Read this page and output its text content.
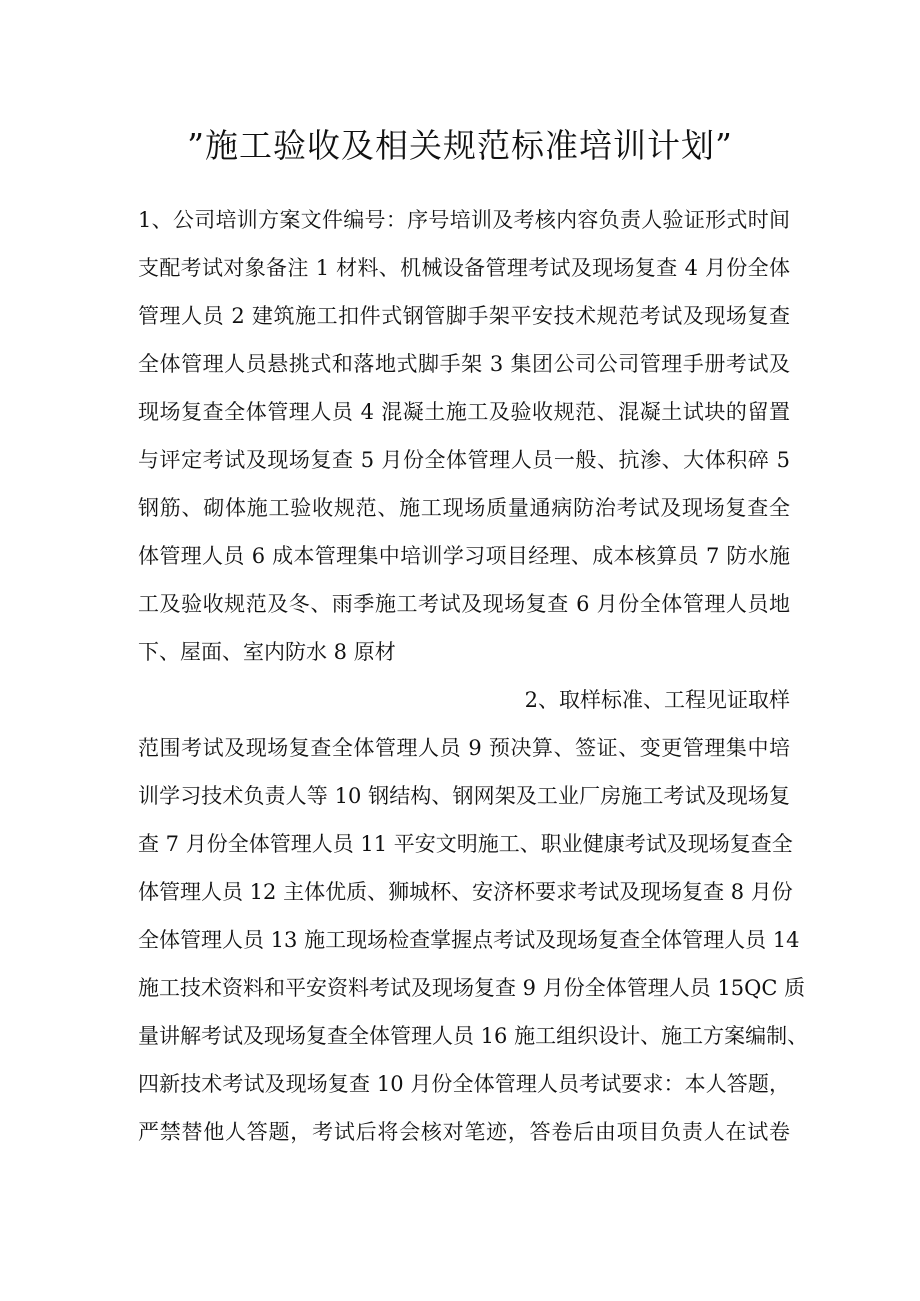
”施工验收及相关规范标准培训计划”
1、公司培训方案文件编号：序号培训及考核内容负责人验证形式时间
支配考试对象备注 1 材料、机械设备管理考试及现场复查 4 月份全体
管理人员 2 建筑施工扣件式钢管脚手架平安技术规范考试及现场复查
全体管理人员悬挑式和落地式脚手架 3 集团公司公司管理手册考试及
现场复查全体管理人员 4 混凝土施工及验收规范、混凝土试块的留置
与评定考试及现场复查 5 月份全体管理人员一般、抗渗、大体积碎 5
钢筋、砌体施工验收规范、施工现场质量通病防治考试及现场复查全
体管理人员 6 成本管理集中培训学习项目经理、成本核算员 7 防水施
工及验收规范及冬、雨季施工考试及现场复查 6 月份全体管理人员地
下、屋面、室内防水 8 原材
2、取样标准、工程见证取样
范围考试及现场复查全体管理人员 9 预决算、签证、变更管理集中培
训学习技术负责人等 10 钢结构、钢网架及工业厂房施工考试及现场复
查 7 月份全体管理人员 11 平安文明施工、职业健康考试及现场复查全
体管理人员 12 主体优质、狮城杯、安济杯要求考试及现场复查 8 月份
全体管理人员 13 施工现场检查掌握点考试及现场复查全体管理人员 14
施工技术资料和平安资料考试及现场复查 9 月份全体管理人员 15QC 质
量讲解考试及现场复查全体管理人员 16 施工组织设计、施工方案编制、
四新技术考试及现场复查 10 月份全体管理人员考试要求：本人答题，
严禁替他人答题，考试后将会核对笔迹，答卷后由项目负责人在试卷
